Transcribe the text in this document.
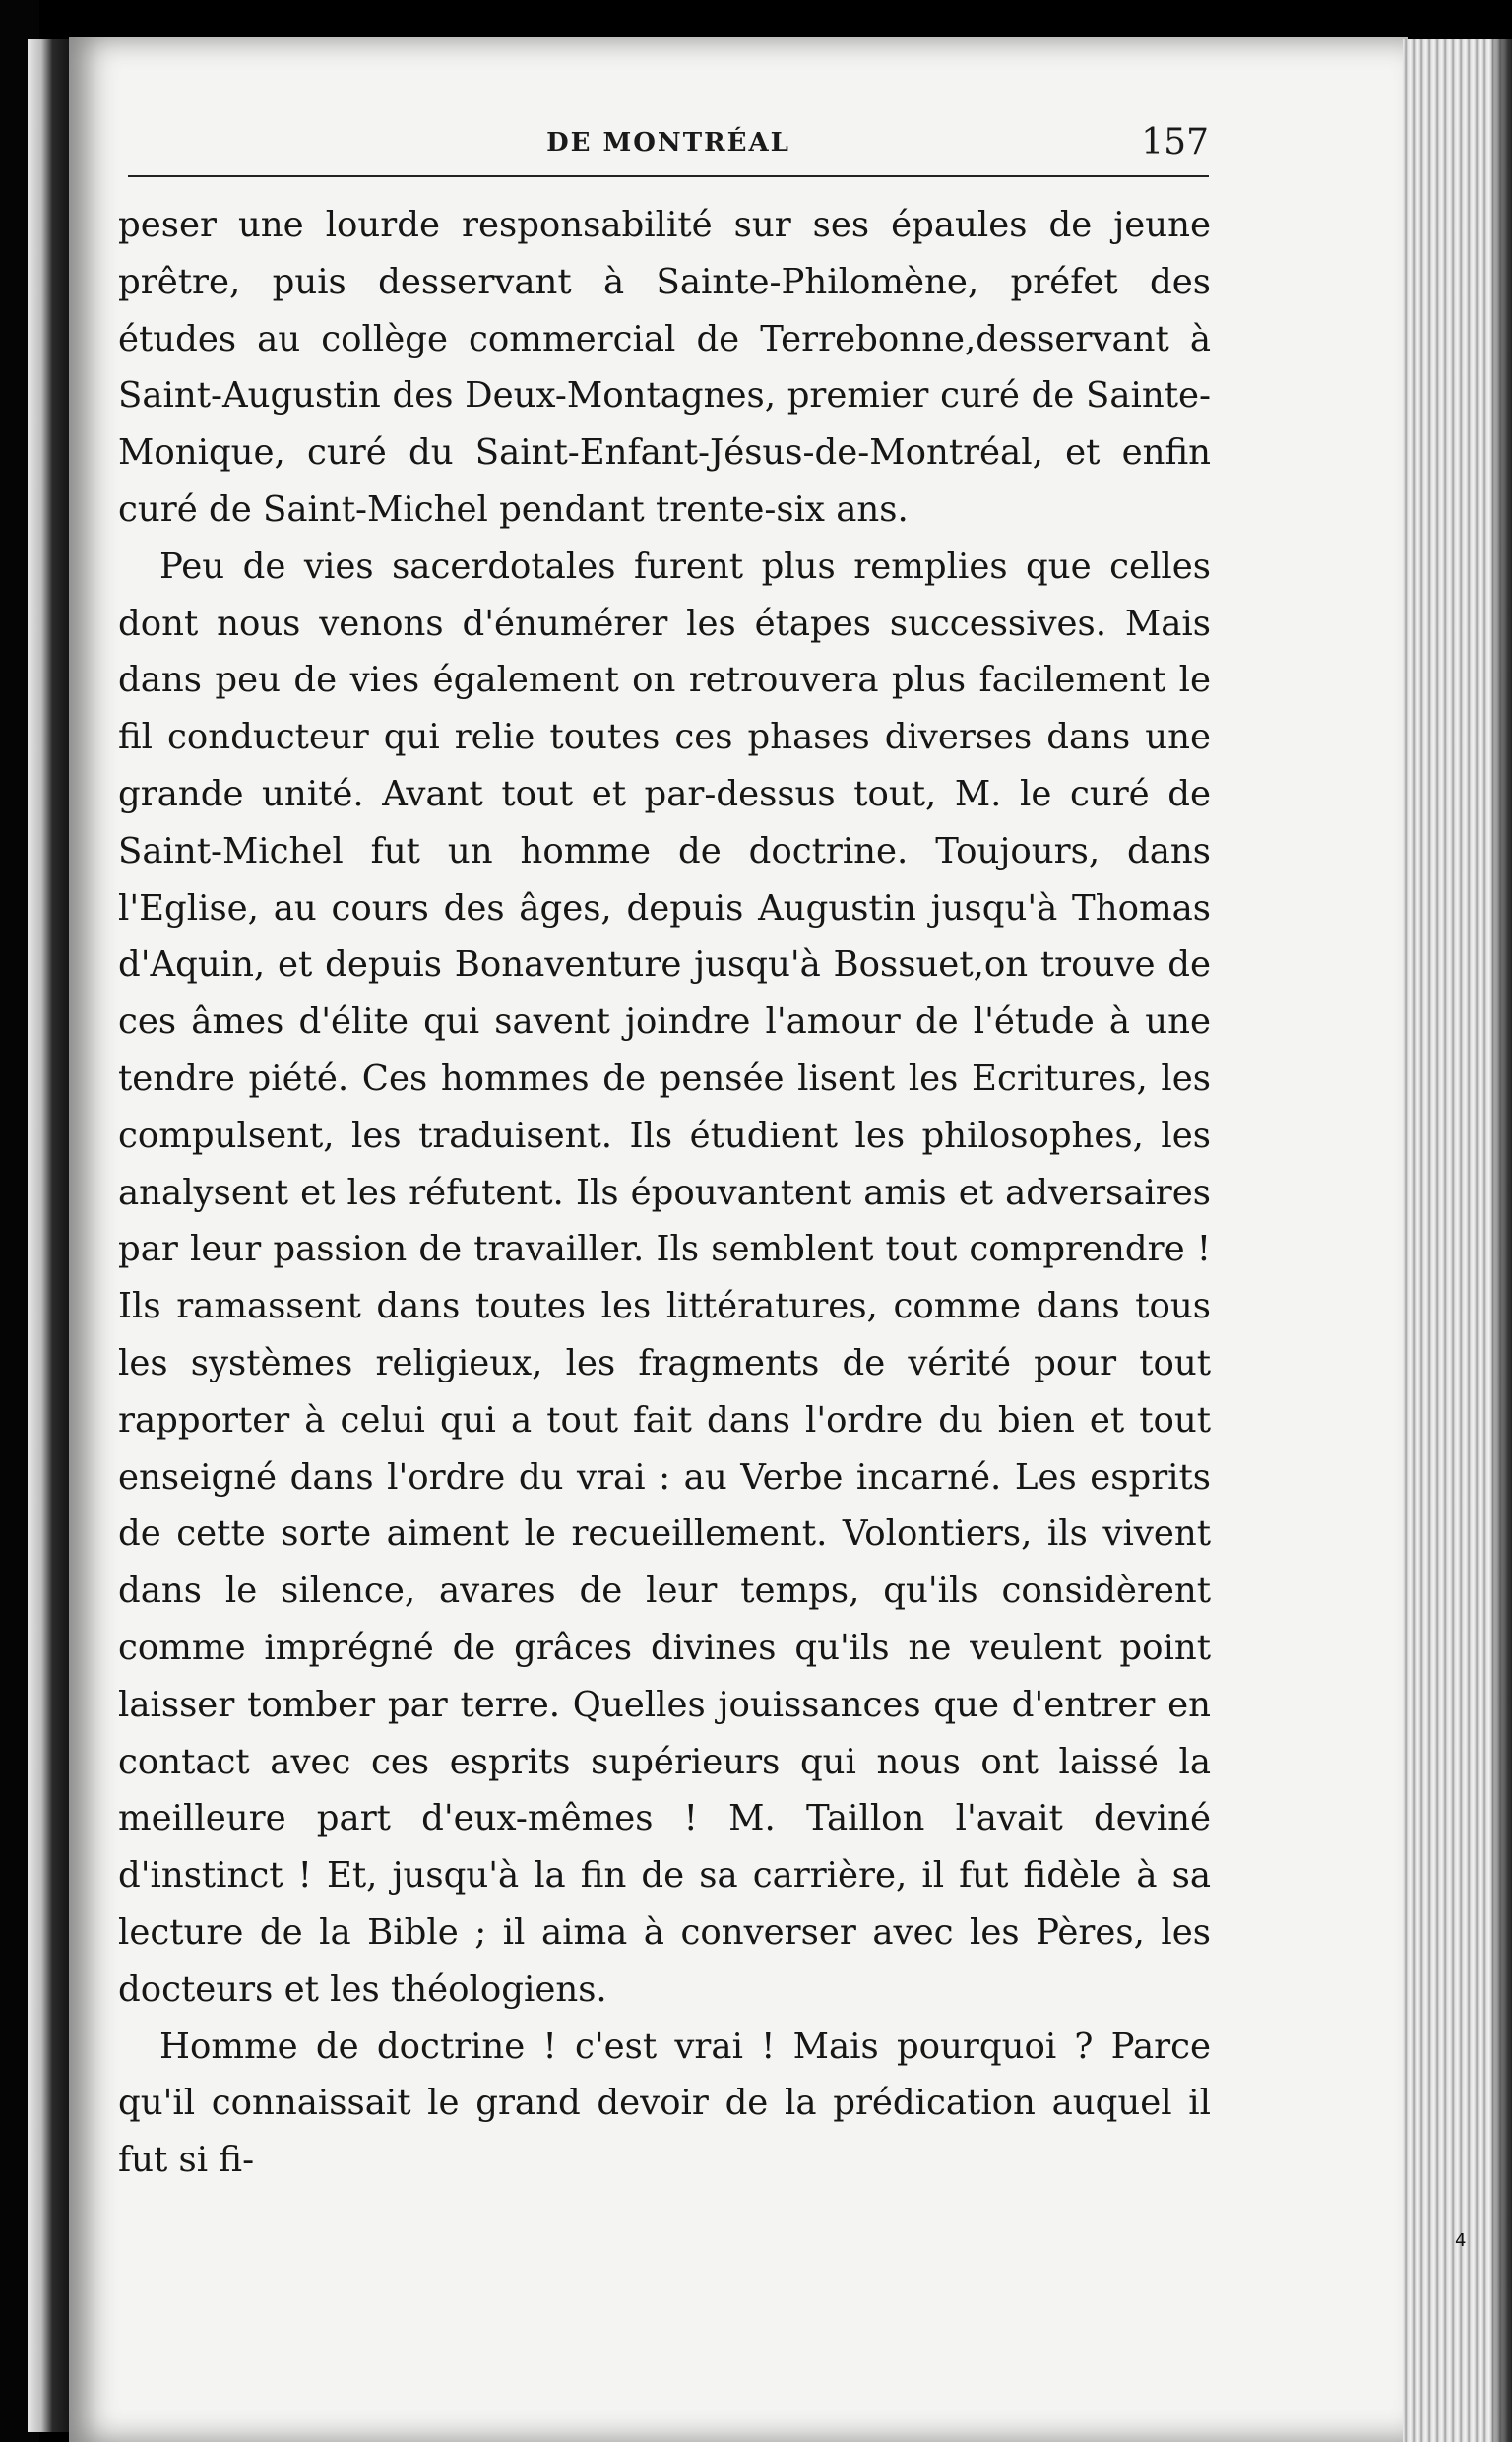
DE MONTRÉAL	157

peser une lourde responsabilité sur ses épaules de jeune prêtre, puis desservant à Sainte-Philomène, préfet des études au collège commercial de Terrebonne,desservant à Saint-Augustin des Deux-Montagnes, premier curé de Sainte-Monique, curé du Saint-Enfant-Jésus-de-Montréal, et enfin curé de Saint-Michel pendant trente-six ans.

Peu de vies sacerdotales furent plus remplies que celles dont nous venons d'énumérer les étapes successives. Mais dans peu de vies également on retrouvera plus facilement le fil conducteur qui relie toutes ces phases diverses dans une grande unité. Avant tout et par-dessus tout, M. le curé de Saint-Michel fut un homme de doctrine. Toujours, dans l'Eglise, au cours des âges, depuis Augustin jusqu'à Thomas d'Aquin, et depuis Bonaventure jusqu'à Bossuet,on trouve de ces âmes d'élite qui savent joindre l'amour de l'étude à une tendre piété. Ces hommes de pensée lisent les Ecritures, les compulsent, les traduisent. Ils étudient les philosophes, les analysent et les réfutent. Ils épouvantent amis et adversaires par leur passion de travailler. Ils semblent tout comprendre ! Ils ramassent dans toutes les littératures, comme dans tous les systèmes religieux, les fragments de vérité pour tout rapporter à celui qui a tout fait dans l'ordre du bien et tout enseigné dans l'ordre du vrai : au Verbe incarné. Les esprits de cette sorte aiment le recueillement. Volontiers, ils vivent dans le silence, avares de leur temps, qu'ils considèrent comme imprégné de grâces divines qu'ils ne veulent point laisser tomber par terre. Quelles jouissances que d'entrer en contact avec ces esprits supérieurs qui nous ont laissé la meilleure part d'eux-mêmes ! M. Taillon l'avait deviné d'instinct ! Et, jusqu'à la fin de sa carrière, il fut fidèle à sa lecture de la Bible ; il aima à converser avec les Pères, les docteurs et les théologiens.

Homme de doctrine ! c'est vrai ! Mais pourquoi ? Parce qu'il connaissait le grand devoir de la prédication auquel il fut si fi-

4
